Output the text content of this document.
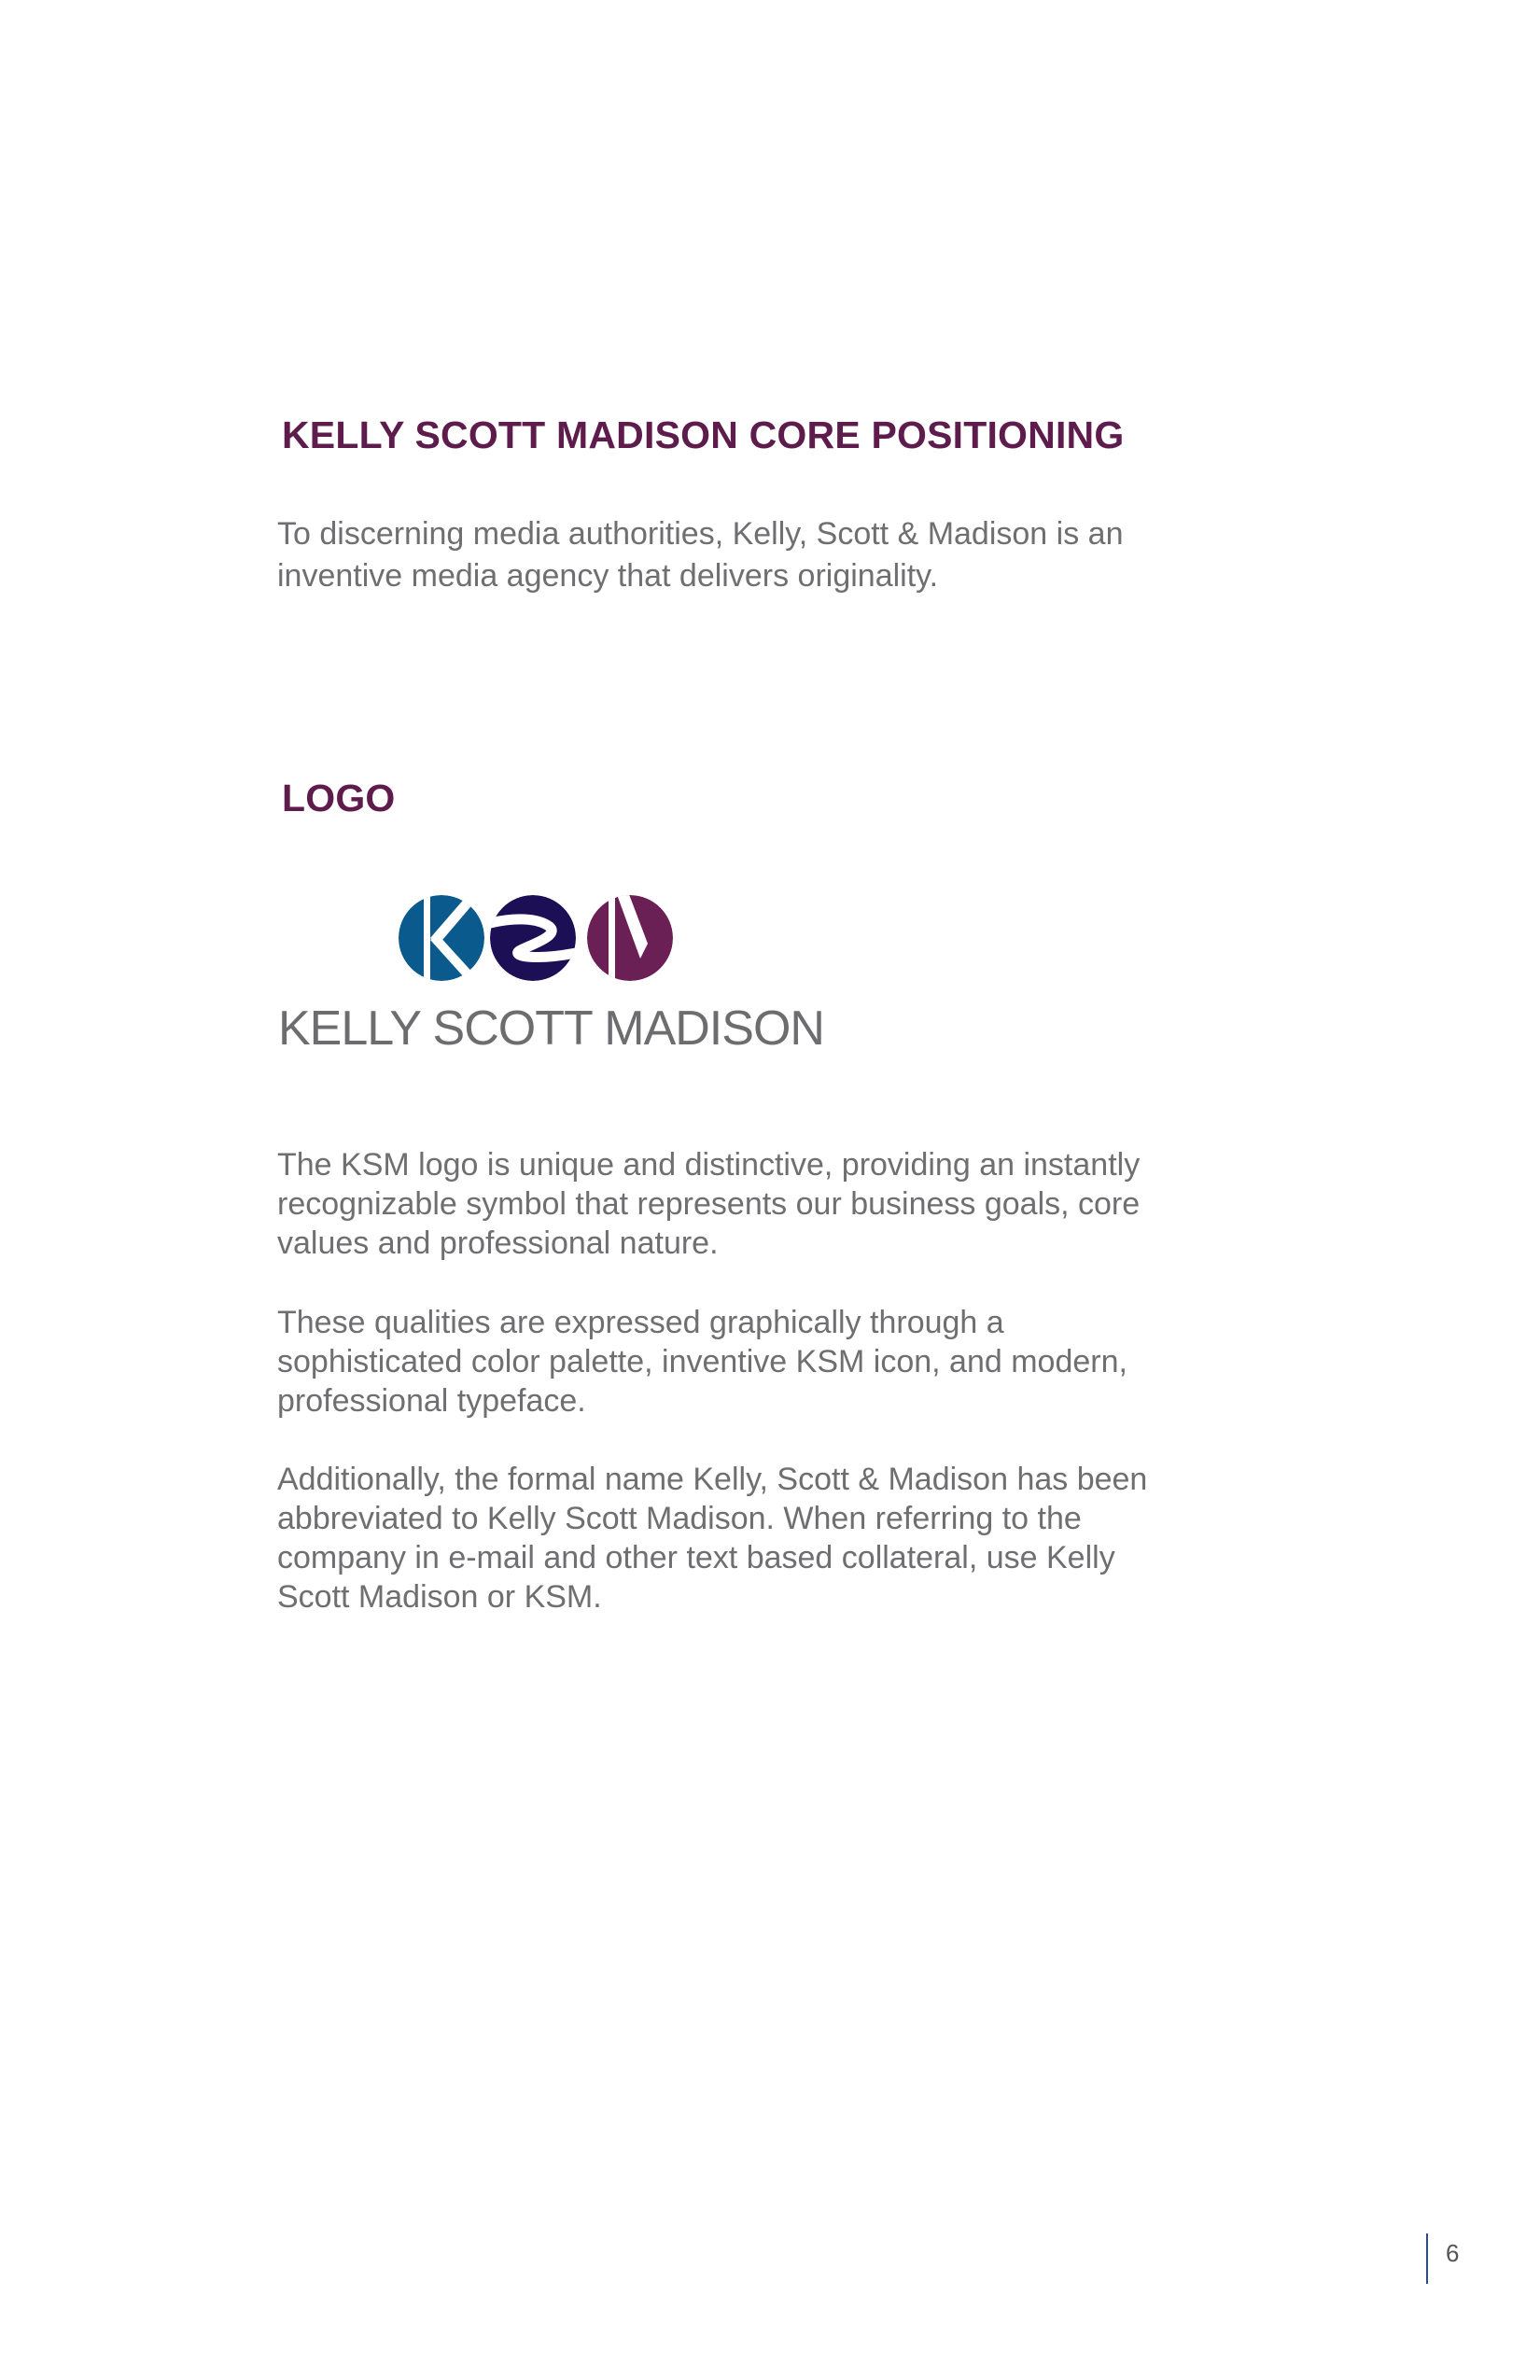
KELLY SCOTT MADISON CORE POSITIONING

To discerning media authorities, Kelly, Scott & Madison is an inventive media agency that delivers originality.

LOGO

KELLY SCOTT MADISON

The KSM logo is unique and distinctive, providing an instantly recognizable symbol that represents our business goals, core values and professional nature.

These qualities are expressed graphically through a sophisticated color palette, inventive KSM icon, and modern, professional typeface.

Additionally, the formal name Kelly, Scott & Madison has been abbreviated to Kelly Scott Madison. When referring to the company in e-mail and other text based collateral, use Kelly Scott Madison or KSM.

6
